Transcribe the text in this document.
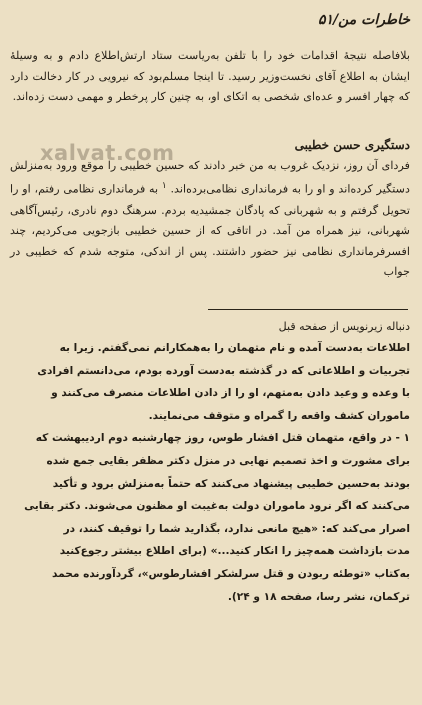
خاطرات من/۵۱

بلافاصله نتیجه‌ٔ اقدامات خود را با تلفن به‌ریاست ستاد ارتش‌اطلاع دادم و به وسیله‌ٔ ایشان به اطلاع آقای نخست‌وزیر رسید. تا اینجا مسلم‌بود که نیرویی در کار دخالت دارد که چهار افسر و عده‌ای شخصی به اتکای او، به چنین کار پرخطر و مهمی دست زده‌اند.

xalvat.com	دستگیری حسن خطیبی

فردای آن روز، نزدیک غروب به من خبر دادند که حسین خطیبی را موقع ورود به‌منزلش دستگیر کرده‌اند و او را به فرمانداری نظامی‌برده‌اند. $^۱$ به فرمانداری نظامی رفتم، او را تحویل گرفتم و به شهربانی که پادگان جمشیدیه بردم. سرهنگ دوم نادری، رئیس‌آگاهی شهربانی، نیز همراه من آمد. در اتاقی که از حسین خطیبی بازجویی می‌کردیم، چند افسرفرمانداری نظامی نیز حضور داشتند. پس از اندکی، متوجه شدم که خطیبی در جواب

دنباله زیرنویس از صفحه قبل

اطلاعات به‌دست آمده و نام متهمان را به‌همکارانم نمی‌گفتم. زیرا به
تجربیات و اطلاعاتی که در گذشته به‌دست آورده بودم، می‌دانستم افرادی
با وعده و وعید دادن به‌متهم، او را از دادن اطلاعات منصرف می‌کنند و
ماموران کشف واقعه را گمراه و متوقف می‌نمایند.
۱ - در واقع، متهمان قتل افشار طوس، روز چهارشنبه دوم اردیبهشت که
برای مشورت و اخذ تصمیم نهایی در منزل دکتر مظفر بقایی جمع شده
بودند به‌حسین خطیبی پیشنهاد می‌کنند که حتماً به‌منزلش برود و تأکید
می‌کنند که اگر نرود ماموران دولت به‌غیبت او مظنون می‌شوند. دکتر بقایی
اصرار می‌کند که: «هیچ مانعی ندارد، بگذارید شما را توقیف کنند، در
مدت بازداشت همه‌چیز را انکار کنید...» (برای اطلاع بیشتر رجوع‌کنید
به‌کتاب «توطئه ربودن و قتل سرلشکر افشارطوس»، گردآورنده محمد
ترکمان، نشر رسا، صفحه ۱۸ و ۲۴).
